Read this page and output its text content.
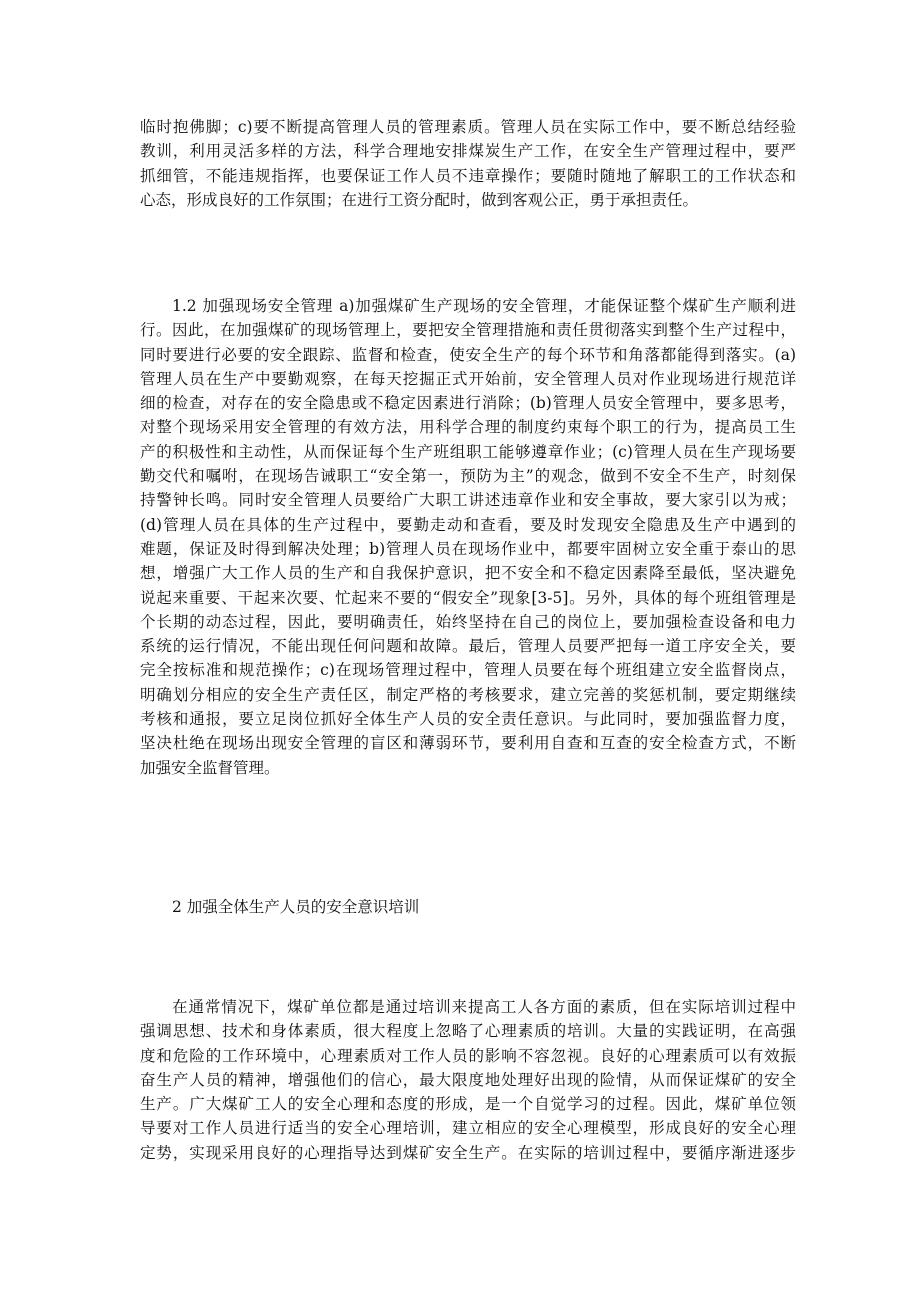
临时抱佛脚；c)要不断提高管理人员的管理素质。管理人员在实际工作中，要不断总结经验
教训，利用灵活多样的方法，科学合理地安排煤炭生产工作，在安全生产管理过程中，要严
抓细管，不能违规指挥，也要保证工作人员不违章操作；要随时随地了解职工的工作状态和
心态，形成良好的工作氛围；在进行工资分配时，做到客观公正，勇于承担责任。
1.2 加强现场安全管理 a)加强煤矿生产现场的安全管理，才能保证整个煤矿生产顺利进
行。因此，在加强煤矿的现场管理上，要把安全管理措施和责任贯彻落实到整个生产过程中，
同时要进行必要的安全跟踪、监督和检查，使安全生产的每个环节和角落都能得到落实。(a)
管理人员在生产中要勤观察，在每天挖掘正式开始前，安全管理人员对作业现场进行规范详
细的检查，对存在的安全隐患或不稳定因素进行消除；(b)管理人员安全管理中，要多思考，
对整个现场采用安全管理的有效方法，用科学合理的制度约束每个职工的行为，提高员工生
产的积极性和主动性，从而保证每个生产班组职工能够遵章作业；(c)管理人员在生产现场要
勤交代和嘱咐，在现场告诫职工“安全第一，预防为主”的观念，做到不安全不生产，时刻保
持警钟长鸣。同时安全管理人员要给广大职工讲述违章作业和安全事故，要大家引以为戒；
(d)管理人员在具体的生产过程中，要勤走动和查看，要及时发现安全隐患及生产中遇到的
难题，保证及时得到解决处理；b)管理人员在现场作业中，都要牢固树立安全重于泰山的思
想，增强广大工作人员的生产和自我保护意识，把不安全和不稳定因素降至最低，坚决避免
说起来重要、干起来次要、忙起来不要的“假安全”现象[3-5]。另外，具体的每个班组管理是
个长期的动态过程，因此，要明确责任，始终坚持在自己的岗位上，要加强检查设备和电力
系统的运行情况，不能出现任何问题和故障。最后，管理人员要严把每一道工序安全关，要
完全按标准和规范操作；c)在现场管理过程中，管理人员要在每个班组建立安全监督岗点，
明确划分相应的安全生产责任区，制定严格的考核要求，建立完善的奖惩机制，要定期继续
考核和通报，要立足岗位抓好全体生产人员的安全责任意识。与此同时，要加强监督力度，
坚决杜绝在现场出现安全管理的盲区和薄弱环节，要利用自查和互查的安全检查方式，不断
加强安全监督管理。
2 加强全体生产人员的安全意识培训
在通常情况下，煤矿单位都是通过培训来提高工人各方面的素质，但在实际培训过程中
强调思想、技术和身体素质，很大程度上忽略了心理素质的培训。大量的实践证明，在高强
度和危险的工作环境中，心理素质对工作人员的影响不容忽视。良好的心理素质可以有效振
奋生产人员的精神，增强他们的信心，最大限度地处理好出现的险情，从而保证煤矿的安全
生产。广大煤矿工人的安全心理和态度的形成，是一个自觉学习的过程。因此，煤矿单位领
导要对工作人员进行适当的安全心理培训，建立相应的安全心理模型，形成良好的安全心理
定势，实现采用良好的心理指导达到煤矿安全生产。在实际的培训过程中，要循序渐进逐步
